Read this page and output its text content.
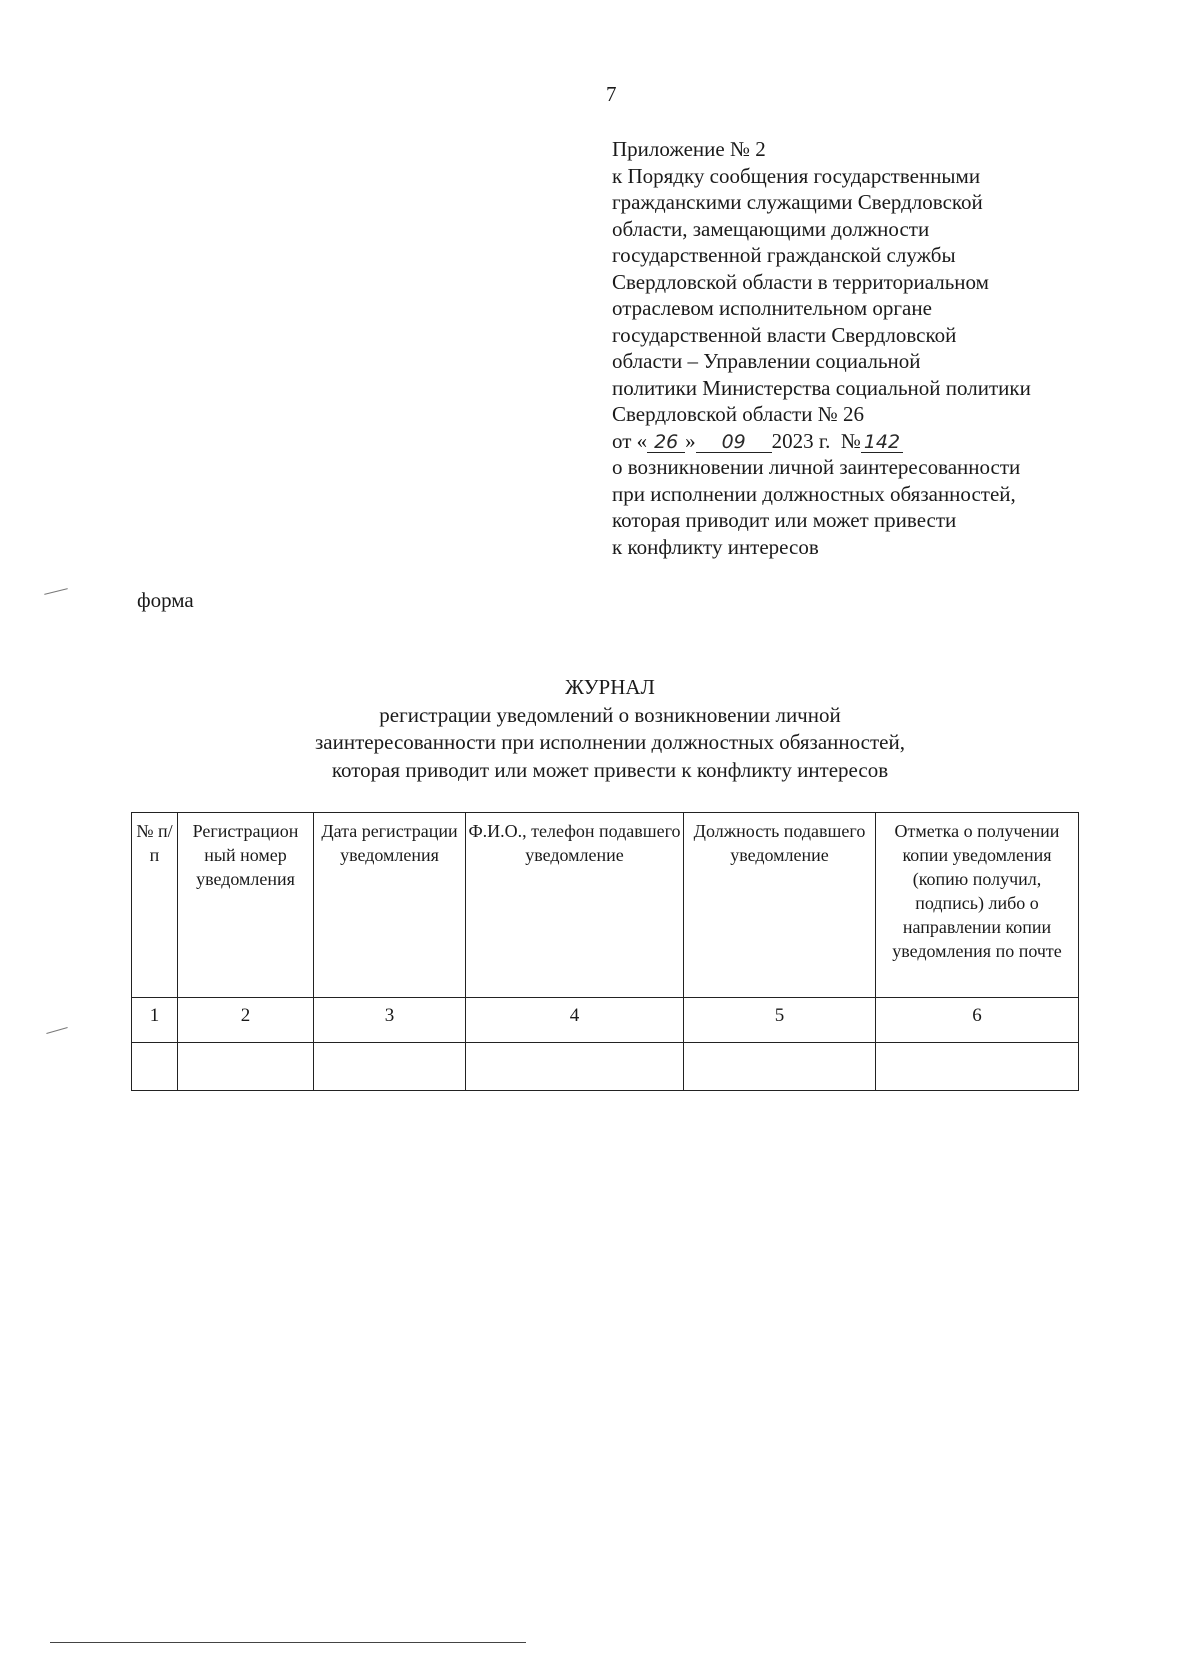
7
Приложение № 2
к Порядку сообщения государственными
гражданскими служащими Свердловской
области, замещающими должности
государственной гражданской службы
Свердловской области в территориальном
отраслевом исполнительном органе
государственной власти Свердловской
области – Управлении социальной
политики Министерства социальной политики
Свердловской области № 26
от « 26 » 09 2023 г. № 142
о возникновении личной заинтересованности
при исполнении должностных обязанностей,
которая приводит или может привести
к конфликту интересов
форма
ЖУРНАЛ
регистрации уведомлений о возникновении личной
заинтересованности при исполнении должностных обязанностей,
которая приводит или может привести к конфликту интересов
№ п/п	Регистрацион ный номер уведомления	Дата регистрации уведомления	Ф.И.О., телефон подавшего уведомление	Должность подавшего уведомление	Отметка о получении копии уведомления (копию получил, подпись) либо о направлении копии уведомления по почте
1	2	3	4	5	6
